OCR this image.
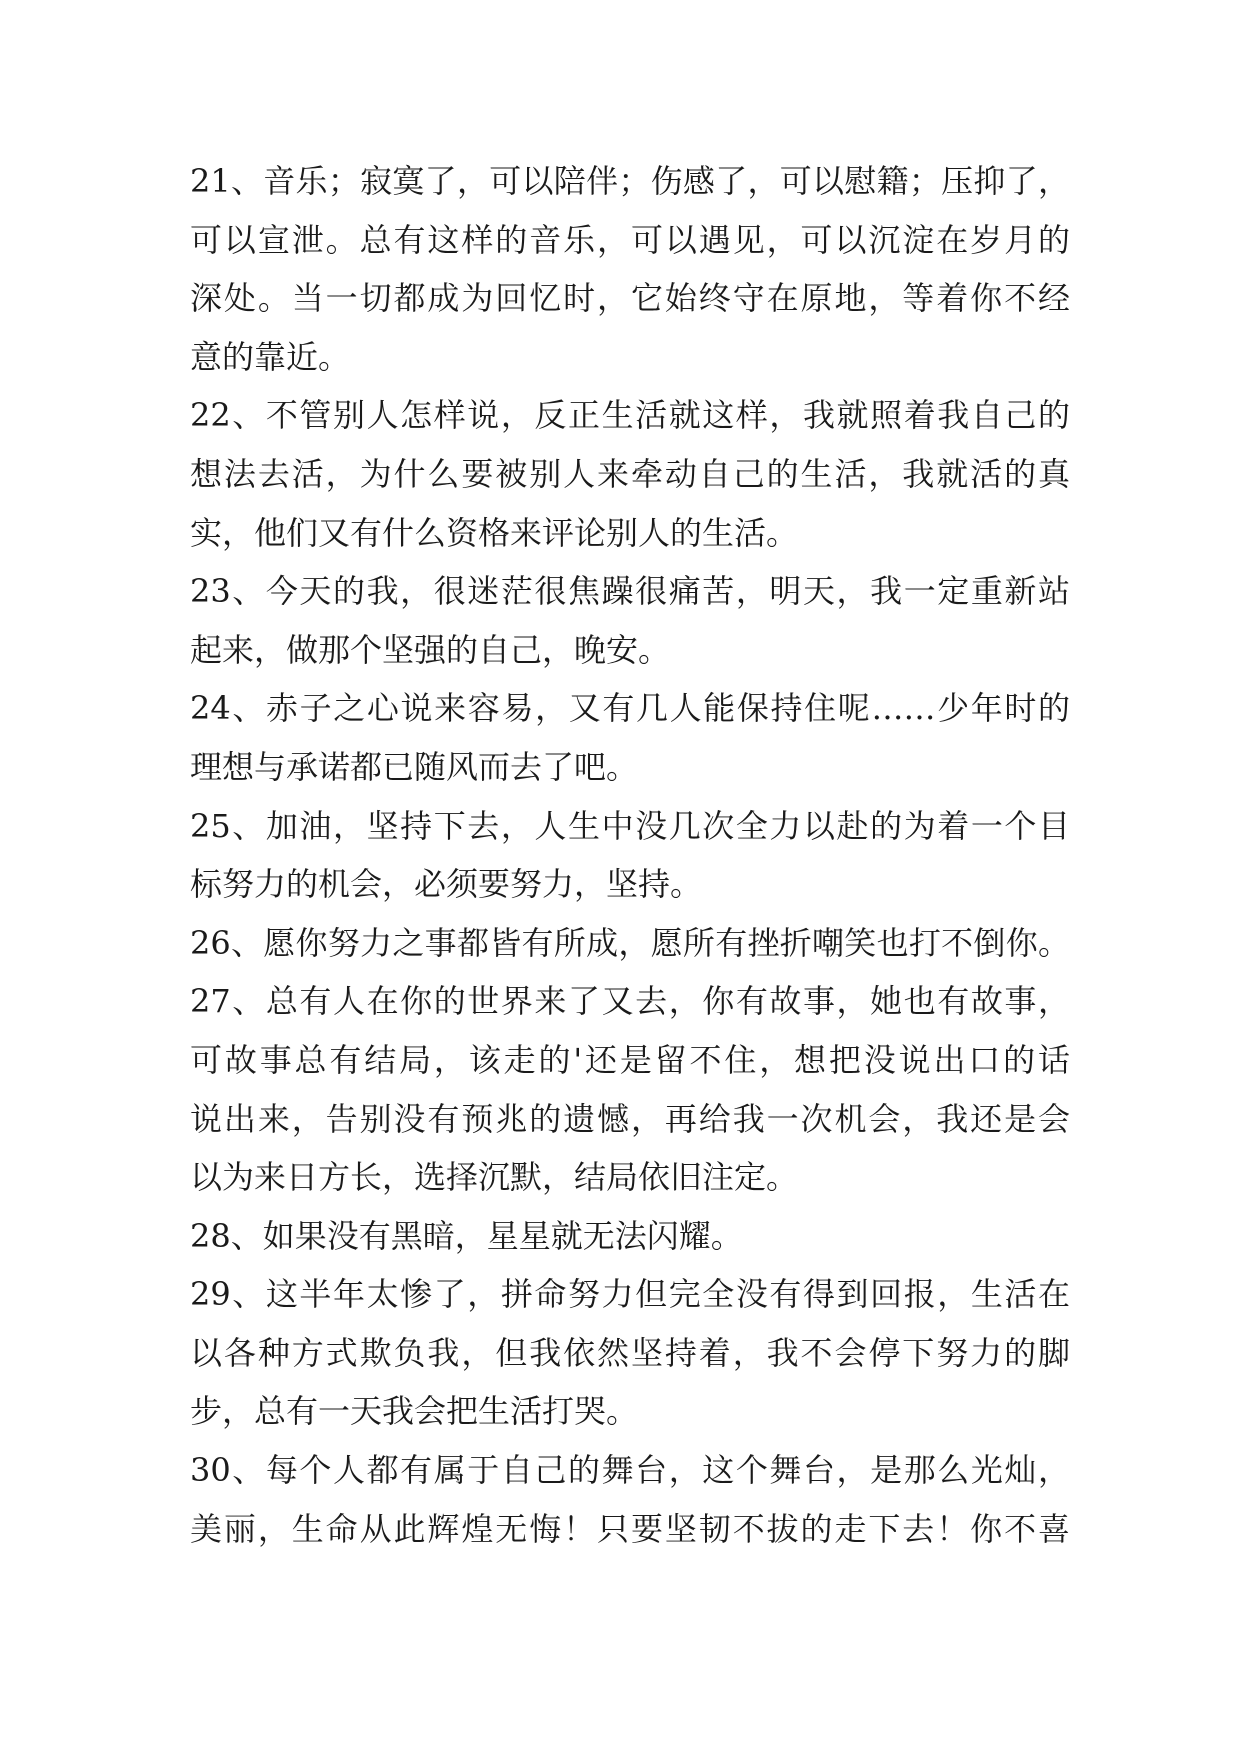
21、音乐；寂寞了，可以陪伴；伤感了，可以慰籍；压抑了，
可以宣泄。总有这样的音乐，可以遇见，可以沉淀在岁月的
深处。当一切都成为回忆时，它始终守在原地，等着你不经
意的靠近。
22、不管别人怎样说，反正生活就这样，我就照着我自己的
想法去活，为什么要被别人来牵动自己的生活，我就活的真
实，他们又有什么资格来评论别人的生活。
23、今天的我，很迷茫很焦躁很痛苦，明天，我一定重新站
起来，做那个坚强的自己，晚安。
24、赤子之心说来容易，又有几人能保持住呢……少年时的
理想与承诺都已随风而去了吧。
25、加油，坚持下去，人生中没几次全力以赴的为着一个目
标努力的机会，必须要努力，坚持。
26、愿你努力之事都皆有所成，愿所有挫折嘲笑也打不倒你。
27、总有人在你的世界来了又去，你有故事，她也有故事，
可故事总有结局，该走的'还是留不住，想把没说出口的话
说出来，告别没有预兆的遗憾，再给我一次机会，我还是会
以为来日方长，选择沉默，结局依旧注定。
28、如果没有黑暗，星星就无法闪耀。
29、这半年太惨了，拼命努力但完全没有得到回报，生活在
以各种方式欺负我，但我依然坚持着，我不会停下努力的脚
步，总有一天我会把生活打哭。
30、每个人都有属于自己的舞台，这个舞台，是那么光灿，
美丽，生命从此辉煌无悔！只要坚韧不拔的走下去！你不喜
